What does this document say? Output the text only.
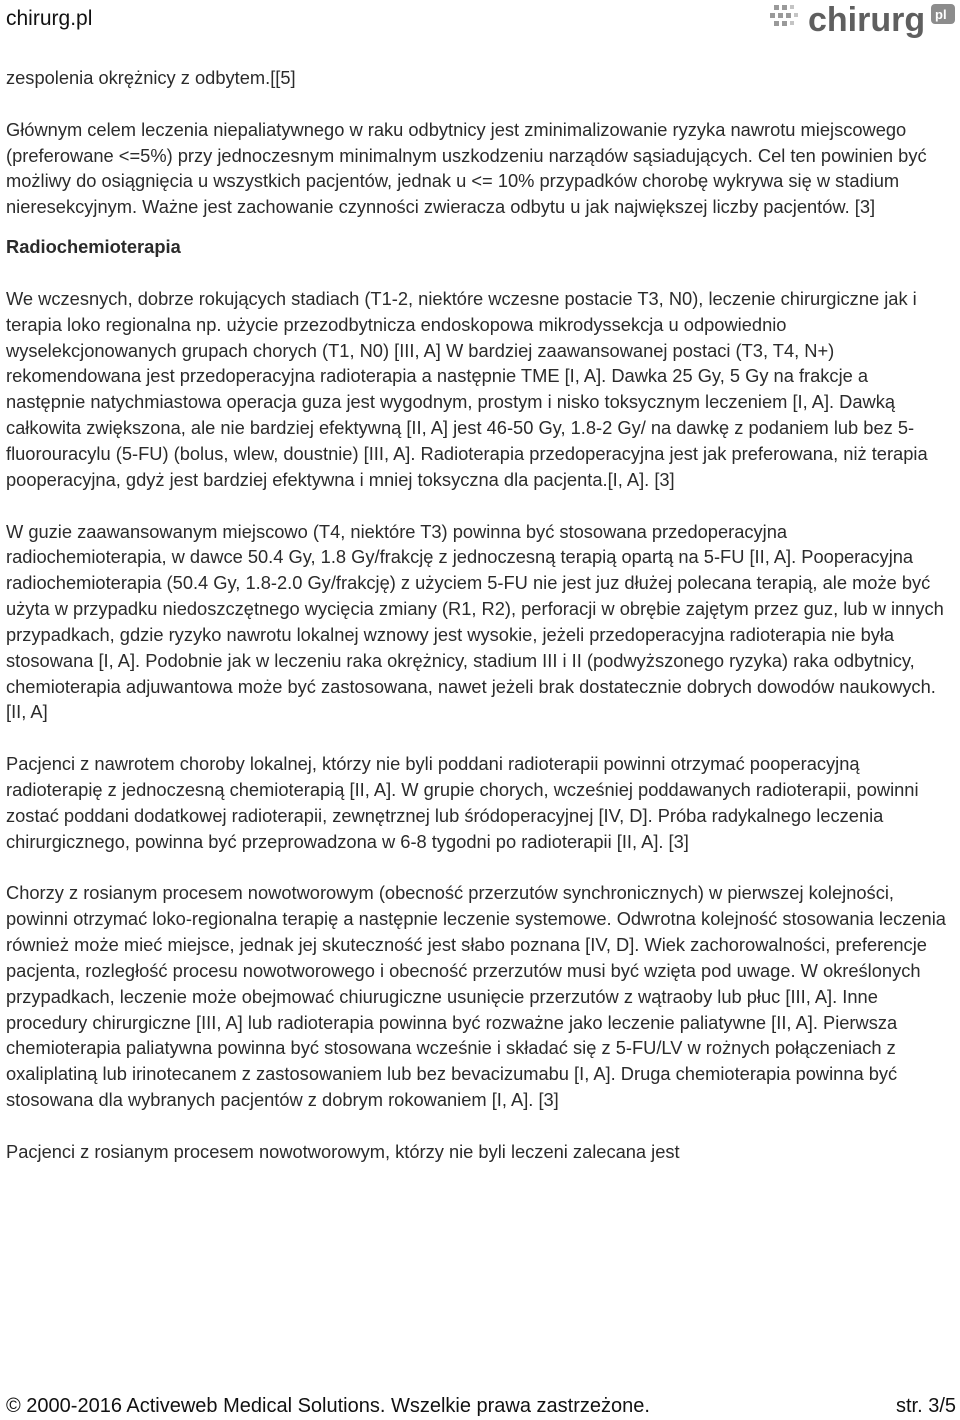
chirurg.pl	chirurg pl

zespolenia okrężnicy z odbytem.[[5]

Głównym celem leczenia niepaliatywnego w raku odbytnicy jest zminimalizowanie ryzyka nawrotu miejscowego (preferowane <=5%) przy jednoczesnym minimalnym uszkodzeniu narządów sąsiadujących. Cel ten powinien być możliwy do osiągnięcia u wszystkich pacjentów, jednak u <= 10% przypadków chorobę wykrywa się w stadium nieresekcyjnym. Ważne jest zachowanie czynności zwieracza odbytu u jak największej liczby pacjentów. [3]

Radiochemioterapia

We wczesnych, dobrze rokujących stadiach (T1-2, niektóre wczesne postacie T3, N0), leczenie chirurgiczne jak i terapia loko regionalna np. użycie przezodbytnicza endoskopowa mikrodyssekcja u odpowiednio wyselekcjonowanych grupach chorych (T1, N0) [III, A] W bardziej zaawansowanej postaci (T3, T4, N+) rekomendowana jest przedoperacyjna radioterapia a następnie TME [I, A]. Dawka 25 Gy, 5 Gy na frakcje a następnie natychmiastowa operacja guza jest wygodnym, prostym i nisko toksycznym leczeniem [I, A]. Dawką całkowita zwiększona, ale nie bardziej efektywną [II, A] jest 46-50 Gy, 1.8-2 Gy/ na dawkę z podaniem lub bez 5-fluorouracylu (5-FU) (bolus, wlew, doustnie) [III, A]. Radioterapia przedoperacyjna jest jak preferowana, niż terapia pooperacyjna, gdyż jest bardziej efektywna i mniej toksyczna dla pacjenta.[I, A]. [3]

W guzie zaawansowanym miejscowo (T4, niektóre T3) powinna być stosowana przedoperacyjna radiochemioterapia, w dawce 50.4 Gy, 1.8 Gy/frakcję z jednoczesną terapią opartą na 5-FU [II, A]. Pooperacyjna radiochemioterapia (50.4 Gy, 1.8-2.0 Gy/frakcję) z użyciem 5-FU nie jest juz dłużej polecana terapią, ale może być użyta w przypadku niedoszczętnego wycięcia zmiany (R1, R2), perforacji w obrębie zajętym przez guz, lub w innych przypadkach, gdzie ryzyko nawrotu lokalnej wznowy jest wysokie, jeżeli przedoperacyjna radioterapia nie była stosowana [I, A]. Podobnie jak w leczeniu raka okrężnicy, stadium III i II (podwyższonego ryzyka) raka odbytnicy, chemioterapia adjuwantowa może być zastosowana, nawet jeżeli brak dostatecznie dobrych dowodów naukowych. [II, A]

Pacjenci z nawrotem choroby lokalnej, którzy nie byli poddani radioterapii powinni otrzymać pooperacyjną radioterapię z jednoczesną chemioterapią [II, A]. W grupie chorych, wcześniej poddawanych radioterapii, powinni zostać poddani dodatkowej radioterapii, zewnętrznej lub śródoperacyjnej [IV, D]. Próba radykalnego leczenia chirurgicznego, powinna być przeprowadzona w 6-8 tygodni po radioterapii [II, A]. [3]

Chorzy z rosianym procesem nowotworowym (obecność przerzutów synchronicznych) w pierwszej kolejności, powinni otrzymać loko-regionalna terapię a następnie leczenie systemowe. Odwrotna kolejność stosowania leczenia również może mieć miejsce, jednak jej skuteczność jest słabo poznana [IV, D]. Wiek zachorowalności, preferencje pacjenta, rozległość procesu nowotworowego i obecność przerzutów musi być wzięta pod uwage. W określonych przypadkach, leczenie może obejmować chiurugiczne usunięcie przerzutów z wątraoby lub płuc [III, A]. Inne procedury chirurgiczne [III, A] lub radioterapia powinna być rozważne jako leczenie paliatywne [II, A]. Pierwsza chemioterapia paliatywna powinna być stosowana wcześnie i składać się z 5-FU/LV w rożnych połączeniach z oxaliplatiną lub irinotecanem z zastosowaniem lub bez bevacizumabu [I, A]. Druga chemioterapia powinna być stosowana dla wybranych pacjentów z dobrym rokowaniem [I, A]. [3]

Pacjenci z rosianym procesem nowotworowym, którzy nie byli leczeni zalecana jest

© 2000-2016 Activeweb Medical Solutions. Wszelkie prawa zastrzeżone.	str. 3/5
